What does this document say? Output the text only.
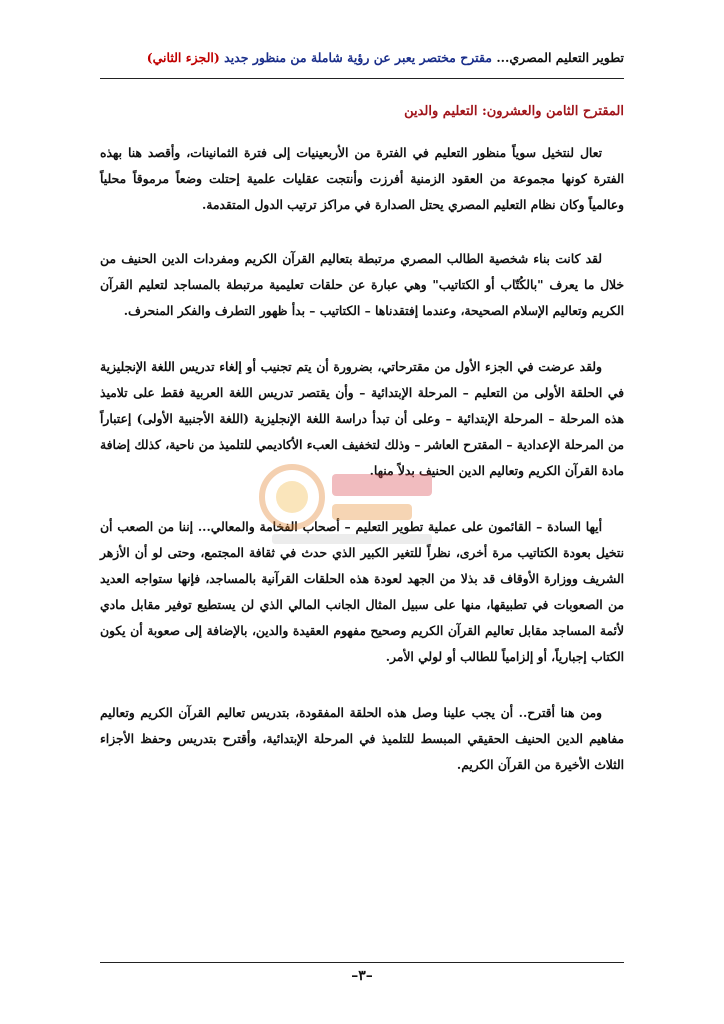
تطوير التعليم المصري... مقترح مختصر يعبر عن رؤية شاملة من منظور جديد (الجزء الثاني)
المقترح الثامن والعشرون: التعليم والدين

تعال لنتخيل سوياً منظور التعليم في الفترة من الأربعينيات إلى فترة الثمانينات، وأقصد هنا بهذه الفترة كونها مجموعة من العقود الزمنية أفرزت وأنتجت عقليات علمية إحتلت وضعاً مرموقاً محلياً وعالمياً وكان نظام التعليم المصري يحتل الصدارة في مراكز ترتيب الدول المتقدمة.

لقد كانت بناء شخصية الطالب المصري مرتبطة بتعاليم القرآن الكريم ومفردات الدين الحنيف من خلال ما يعرف "بالكُتّاب أو الكتاتيب" وهي عبارة عن حلقات تعليمية مرتبطة بالمساجد لتعليم القرآن الكريم وتعاليم الإسلام الصحيحة، وعندما إفتقدناها – الكتاتيب – بدأ ظهور التطرف والفكر المنحرف.

ولقد عرضت في الجزء الأول من مقترحاتي، بضرورة أن يتم تجنيب أو إلغاء تدريس اللغة الإنجليزية في الحلقة الأولى من التعليم – المرحلة الإبتدائية – وأن يقتصر تدريس اللغة العربية فقط على تلاميذ هذه المرحلة – المرحلة الإبتدائية – وعلى أن تبدأ دراسة اللغة الإنجليزية (اللغة الأجنبية الأولى) إعتباراً من المرحلة الإعدادية – المقترح العاشر – وذلك لتخفيف العبء الأكاديمي للتلميذ من ناحية، كذلك إضافة مادة القرآن الكريم وتعاليم الدين الحنيف بدلاً منها.

أيها السادة – القائمون على عملية تطوير التعليم – أصحاب الفخامة والمعالي... إننا من الصعب أن نتخيل بعودة الكتاتيب مرة أخرى، نظراً للتغير الكبير الذي حدث في ثقافة المجتمع، وحتى لو أن الأزهر الشريف ووزارة الأوقاف قد بذلا من الجهد لعودة هذه الحلقات القرآنية بالمساجد، فإنها ستواجه العديد من الصعوبات في تطبيقها، منها على سبيل المثال الجانب المالي الذي لن يستطيع توفير مقابل مادي لأئمة المساجد مقابل تعاليم القرآن الكريم وصحيح مفهوم العقيدة والدين، بالإضافة إلى صعوبة أن يكون الكتاب إجبارياً، أو إلزامياً للطالب أو لولي الأمر.

ومن هنا أقترح.. أن يجب علينا وصل هذه الحلقة المفقودة، بتدريس تعاليم القرآن الكريم وتعاليم مفاهيم الدين الحنيف الحقيقي المبسط للتلميذ في المرحلة الإبتدائية، وأقترح بتدريس وحفظ الأجزاء الثلاث الأخيرة من القرآن الكريم.

–٣–
